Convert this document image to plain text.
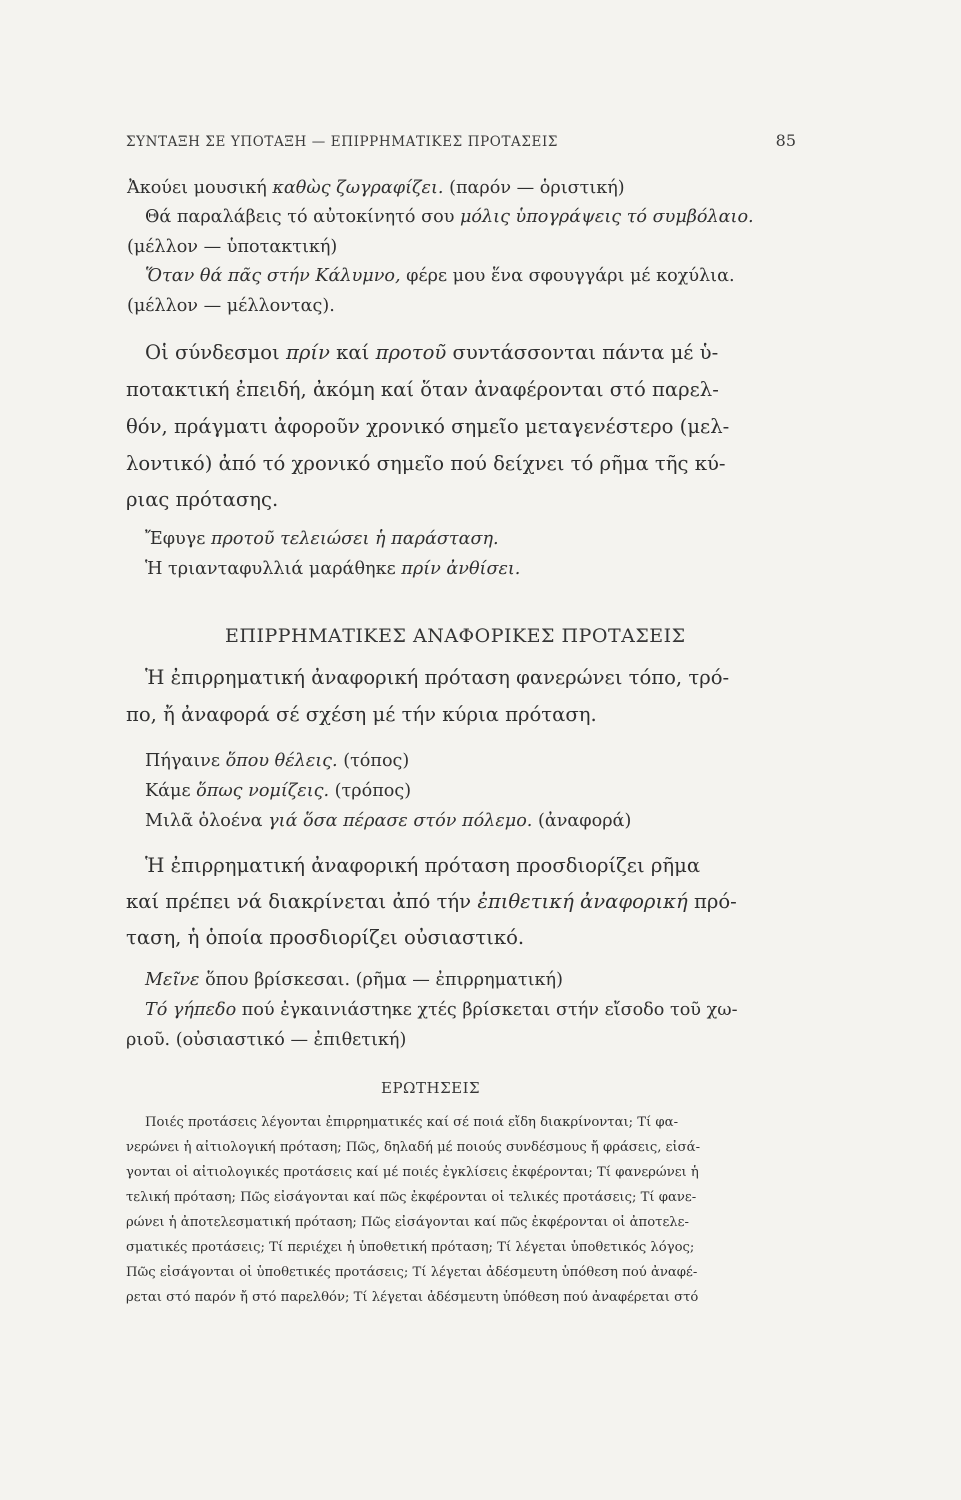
ΣΥΝΤΑΞΗ ΣΕ ΥΠΟΤΑΞΗ — ΕΠΙΡΡΗΜΑΤΙΚΕΣ ΠΡΟΤΑΣΕΙΣ	85
Ἀκούει μουσική καθὼς ζωγραφίζει. (παρόν — ὁριστική)
Θά παραλάβεις τό αὐτοκίνητό σου μόλις ὑπογράψεις τό συμβόλαιο.
(μέλλον — ὑποτακτική)
Ὅταν θά πᾶς στήν Κάλυμνο, φέρε μου ἕνα σφουγγάρι μέ κοχύλια.
(μέλλον — μέλλοντας).
Οἱ σύνδεσμοι πρίν καί προτοῦ συντάσσονται πάντα μέ ὑ-
ποτακτική ἐπειδή, ἀκόμη καί ὅταν ἀναφέρονται στό παρελ-
θόν, πράγματι ἀφοροῦν χρονικό σημεῖο μεταγενέστερο (μελ-
λοντικό) ἀπό τό χρονικό σημεῖο πού δείχνει τό ρῆμα τῆς κύ-
ριας πρότασης.
Ἔφυγε προτοῦ τελειώσει ἡ παράσταση.
Ἡ τριανταφυλλιά μαράθηκε πρίν ἀνθίσει.
ΕΠΙΡΡΗΜΑΤΙΚΕΣ ΑΝΑΦΟΡΙΚΕΣ ΠΡΟΤΑΣΕΙΣ
Ἡ ἐπιρρηματική ἀναφορική πρόταση φανερώνει τόπο, τρό-
πο, ἤ ἀναφορά σέ σχέση μέ τήν κύρια πρόταση.
Πήγαινε ὅπου θέλεις. (τόπος)
Κάμε ὅπως νομίζεις. (τρόπος)
Μιλᾶ ὁλοένα γιά ὅσα πέρασε στόν πόλεμο. (ἀναφορά)
Ἡ ἐπιρρηματική ἀναφορική πρόταση προσδιορίζει ρῆμα
καί πρέπει νά διακρίνεται ἀπό τήν ἐπιθετική ἀναφορική πρό-
ταση, ἡ ὁποία προσδιορίζει οὐσιαστικό.
Μεῖνε ὅπου βρίσκεσαι. (ρῆμα — ἐπιρρηματική)
Τό γήπεδο πού ἐγκαινιάστηκε χτές βρίσκεται στήν εἴσοδο τοῦ χω-
ριοῦ. (οὐσιαστικό — ἐπιθετική)
ΕΡΩΤΗΣΕΙΣ
Ποιές προτάσεις λέγονται ἐπιρρηματικές καί σέ ποιά εἴδη διακρίνονται; Τί φα-
νερώνει ἡ αἰτιολογική πρόταση; Πῶς, δηλαδή μέ ποιούς συνδέσμους ἤ φράσεις, εἰσά-
γονται οἱ αἰτιολογικές προτάσεις καί μέ ποιές ἐγκλίσεις ἐκφέρονται; Τί φανερώνει ἡ
τελική πρόταση; Πῶς εἰσάγονται καί πῶς ἐκφέρονται οἱ τελικές προτάσεις; Τί φανε-
ρώνει ἡ ἀποτελεσματική πρόταση; Πῶς εἰσάγονται καί πῶς ἐκφέρονται οἱ ἀποτελε-
σματικές προτάσεις; Τί περιέχει ἡ ὑποθετική πρόταση; Τί λέγεται ὑποθετικός λόγος;
Πῶς εἰσάγονται οἱ ὑποθετικές προτάσεις; Τί λέγεται ἀδέσμευτη ὑπόθεση πού ἀναφέ-
ρεται στό παρόν ἤ στό παρελθόν; Τί λέγεται ἀδέσμευτη ὑπόθεση πού ἀναφέρεται στό
